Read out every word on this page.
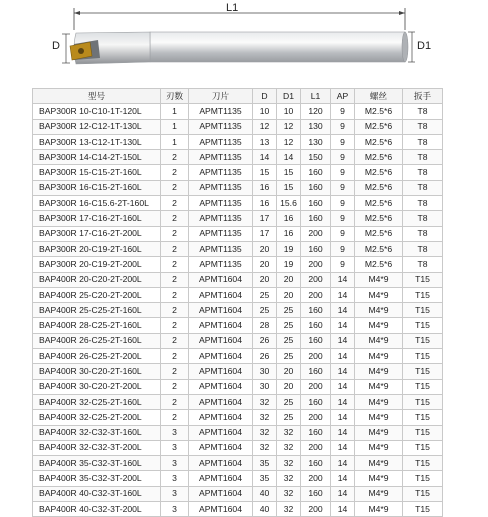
L1
D	D1
型号	刃数	刀片	D	D1	L1	AP	螺丝	扳手
BAP300R 10-C10-1T-120L	1	APMT1135	10	10	120	9	M2.5*6	T8
BAP300R 12-C12-1T-130L	1	APMT1135	12	12	130	9	M2.5*6	T8
BAP300R 13-C12-1T-130L	1	APMT1135	13	12	130	9	M2.5*6	T8
BAP300R 14-C14-2T-150L	2	APMT1135	14	14	150	9	M2.5*6	T8
BAP300R 15-C15-2T-160L	2	APMT1135	15	15	160	9	M2.5*6	T8
BAP300R 16-C15-2T-160L	2	APMT1135	16	15	160	9	M2.5*6	T8
BAP300R 16-C15.6-2T-160L	2	APMT1135	16	15.6	160	9	M2.5*6	T8
BAP300R 17-C16-2T-160L	2	APMT1135	17	16	160	9	M2.5*6	T8
BAP300R 17-C16-2T-200L	2	APMT1135	17	16	200	9	M2.5*6	T8
BAP300R 20-C19-2T-160L	2	APMT1135	20	19	160	9	M2.5*6	T8
BAP300R 20-C19-2T-200L	2	APMT1135	20	19	200	9	M2.5*6	T8
BAP400R 20-C20-2T-200L	2	APMT1604	20	20	200	14	M4*9	T15
BAP400R 25-C20-2T-200L	2	APMT1604	25	20	200	14	M4*9	T15
BAP400R 25-C25-2T-160L	2	APMT1604	25	25	160	14	M4*9	T15
BAP400R 28-C25-2T-160L	2	APMT1604	28	25	160	14	M4*9	T15
BAP400R 26-C25-2T-160L	2	APMT1604	26	25	160	14	M4*9	T15
BAP400R 26-C25-2T-200L	2	APMT1604	26	25	200	14	M4*9	T15
BAP400R 30-C20-2T-160L	2	APMT1604	30	20	160	14	M4*9	T15
BAP400R 30-C20-2T-200L	2	APMT1604	30	20	200	14	M4*9	T15
BAP400R 32-C25-2T-160L	2	APMT1604	32	25	160	14	M4*9	T15
BAP400R 32-C25-2T-200L	2	APMT1604	32	25	200	14	M4*9	T15
BAP400R 32-C32-3T-160L	3	APMT1604	32	32	160	14	M4*9	T15
BAP400R 32-C32-3T-200L	3	APMT1604	32	32	200	14	M4*9	T15
BAP400R 35-C32-3T-160L	3	APMT1604	35	32	160	14	M4*9	T15
BAP400R 35-C32-3T-200L	3	APMT1604	35	32	200	14	M4*9	T15
BAP400R 40-C32-3T-160L	3	APMT1604	40	32	160	14	M4*9	T15
BAP400R 40-C32-3T-200L	3	APMT1604	40	32	200	14	M4*9	T15
